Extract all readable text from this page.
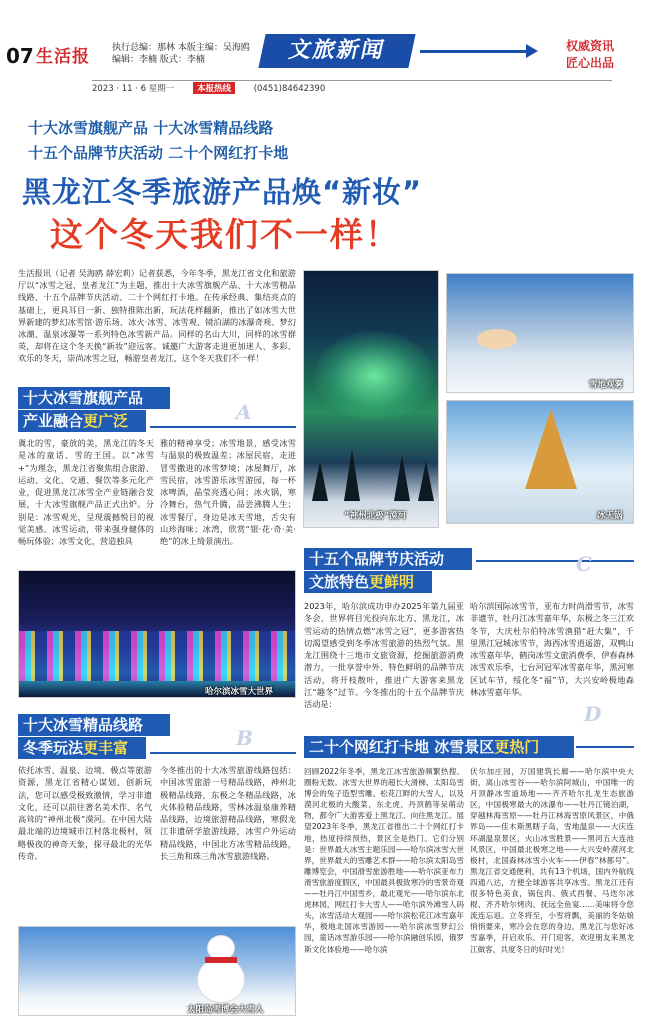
07 生活报 执行总编：那林 本版主编：吴海鸥
编辑：李楠 版式：李楠	文旅新闻	权威资讯
匠心出品
2023 · 11 · 6 星期一	本报热线	(0451)84642390
十大冰雪旗舰产品 十大冰雪精品线路
十五个品牌节庆活动 二十个网红打卡地
黑龙江冬季旅游产品焕“新妆”
这个冬天我们不一样！
生活报讯（记者 吴海鸥 薛宏莉）记者获悉，今年冬季，黑龙江省文化和旅游厅以“冰雪之冠，皇者龙江”为主题，推出十大冰雪旗舰产品、十大冰雪精品线路、十五个品牌节庆活动、二十个网红打卡地。在传承经典、集结亮点的基础上，更具耳目一新、独特推陈出新，玩法花样翻新，推出了如冰雪大世界新建的梦幻冰雪馆·游乐场、冰火·冰雪、冰雪观、镜泊湖的冰瀑奇观、梦幻冰潮、温泉冰瀑等一系列特色冰雪新产品。同样的名山大川，同样的冰雪群英，却将在这个冬天换“新妆”迎远客。诚邀广大游客走进更加迷人、多彩、欢乐的冬天，崇尚冰雪之冠，畅游皇者龙江，这个冬天我们不一样！
“神州北极”漠河
雪地观雾
冰天锅
十大冰雪旗舰产品
产业融合更广泛	A
冀北的雪，豪放的美，黑龙江的冬天是冰的童话、雪的王国。以“冰雪+”为理念，黑龙江省聚焦组合旅游、运动、文化、交通、餐饮等多元化产业，促进黑龙江冰雪全产业链融合发展，十大冰雪旗舰产品正式出炉。分别是：冰雪观光，呈现震撼悦目的视觉美感。冰雪运动，带来强身健体的畅玩体验；冰雪文化，营造独具
雅的精神享受；冰雪地景，感受冰雪与温泉的极致温差；冰屋民宿，走进冒雪撒进的冰雪梦境；冰屋舞厅，冰雪民宿，冰雪游乐冰雪游园，每一杯冰啤酒，晶莹亮透心间；冰火锅，寒冷舞台，热气升腾，品尝沸腾人生；冰雪餐厅，身边是冰天雪地，舌尖有山珍海味；冰湾，欣赏“银·花·奇·美·绝”的冰上绮景演出。
哈尔滨冰雪大世界
十五个品牌节庆活动
文旅特色更鲜明
C
2023年，哈尔滨成功申办2025年第九届亚冬会，世界将目光投向东北方、黑龙江，冰雪运动的热情点燃“冰雪之冠”，更多游客热切渴望感受到冬季冰雪旅游的热烈气氛。黑龙江围绕十三地市文旅资源，挖掘旅游消费潜力，一批享誉中外、特色鲜明的品牌节庆活动，将开枝散叶，推进广大游客来黑龙江“趣冬”过节。今冬推出的十五个品牌节庆活动是：
哈尔滨国际冰雪节，亚布力时尚滑雪节，冰雪非遗节，牡丹江冰雪嘉年华，东极之冬三江欢冬节，大庆杜尔伯特冰雪渔猎“赶大集”，千里黑江冠城冰雪节，海西冰雪逍遥游，双鸭山冰雪嘉年华，鹤岗冰雪文旅消费季，伊春森林冰雪欢乐季，七台河冠军冰雪嘉年华，黑河寒区试车节，绥化冬“福”节，大兴安岭极地森林冰雪嘉年华。
十大冰雪精品线路
冬季玩法更丰富	B
依托冰雪、温泉、边境、极点等旅游资源，黑龙江省精心谋划、创新玩法，您可以感受极致激情，学习非遗文化，还可以前往著名美术作、名气高耸的“神州北极”漠河。在中国大陆最北端的边境城市江村落北极村，领略极夜的神奇天象，探寻最北的光华传奇。
今冬推出的十大冰雪旅游线路包括：中国冰雪旅游一号精品线路，神州北极精品线路，东极之冬精品线路，冰火体验精品线路，雪林冰温泉康养精品线路，边境旅游精品线路，寒假龙江非遗研学旅游线路，冰雪户外运动精品线路，中国北方冰雪精品线路，长三角和珠三角冰雪旅游线路。
太阳岛雪博会大雪人
二十个网红打卡地 冰雪景区更热门
D
回顾2022年冬季，黑龙江冰雪旅游频繁热搜、圈粉无数。冰雪大世界的超长大滑梯、太阳岛雪博会的兔子造型雪雕、松花江畔的大雪人，以及漠河北极的大酸菜、东北虎、丹顶鹤等呆萌动物，都令广大游客爱上黑龙江、向往黑龙江。展望2023年冬季，黑龙江省推出二十个网红打卡地，热度持续预热，景区全是热门。它们分别是：世界最大冰雪主题乐园——哈尔滨冰雪大世界，世界最大的雪雕艺术群——哈尔滨太阳岛雪雕博览会，中国滑雪旅游胜地——哈尔滨亚布力滑雪旅游度假区，中国最具极致寒冷的雪景奇观——牡丹江中国雪乡，最北观光——哈尔滨东北虎林园，网红打卡大雪人——哈尔滨外滩雪人码头，冰雪活动大观园——哈尔滨松花江冰雪嘉年华，极地北国冰雪游园——哈尔滨冰雪梦幻公园，童话冰雪游乐园——哈尔滨融创乐园，俄罗斯文化体验地——哈尔滨
伏尔加庄园，万国建筑长廊——哈尔滨中央大街，离山冰雪谷——哈尔滨阿城山，中国唯一的月顶静冰雪道场地——齐齐哈尔扎龙生态旅游区，中国极寒最大的冰瀑布——牡丹江镜泊湖，穿越林海雪原——牡丹江林海雪原风景区，中俄界岛——佳木斯黑瞎子岛，雪地温泉——大庆连环湖温泉景区，火山冰雪胜景——黑河五大连池风景区，中国最北极寒之地——大兴安岭漠河北极村，北国森林冰雪小火车——伊春“林都号”。黑龙江省交通便利，共有13个机场，国内外航线四通八达，方便全球游客共享冰雪。黑龙江还有很多特色美食，锅包肉、俄式西餐、马迭尔冰棍、齐齐哈尔烤肉、抚远全鱼宴……美味将令您流连忘返。立冬将至，小雪将飘，美丽的冬姑娘悄悄要来，寒冷会在您的身边。黑龙江与您好冰雪嘉季，开启欢乐、开门迎客，欢迎朋友来黑龙江做客，共度冬日的好时光！
